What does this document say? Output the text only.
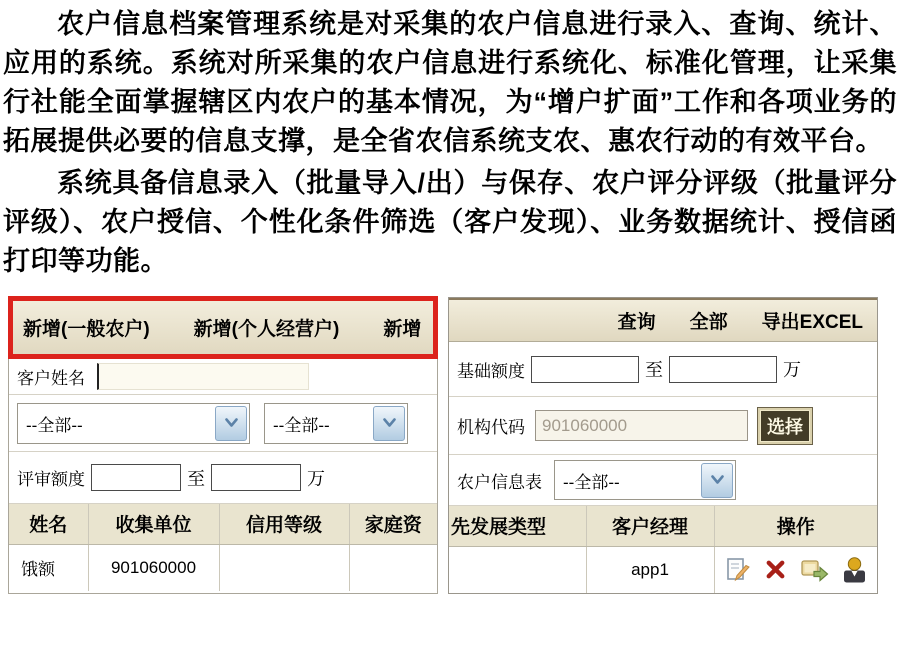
农户信息档案管理系统是对采集的农户信息进行录入、查询、统计、应用的系统。系统对所采集的农户信息进行系统化、标准化管理，让采集行社能全面掌握辖区内农户的基本情况，为“增户扩面”工作和各项业务的拓展提供必要的信息支撑，是全省农信系统支农、惠农行动的有效平台。

系统具备信息录入（批量导入/出）与保存、农户评分评级（批量评分评级）、农户授信、个性化条件筛选（客户发现）、业务数据统计、授信函打印等功能。

新增(一般农户) 新增(个人经营户) 新增
客户姓名
--全部--	--全部--
评审额度	至	万
姓名	收集单位	信用等级	家庭资
饿额	901060000		
查询 全部 导出EXCEL
基础额度	至	万
机构代码
901060000	选择
农户信息表 --全部--
先发展类型	客户经理	操作
	app1	
